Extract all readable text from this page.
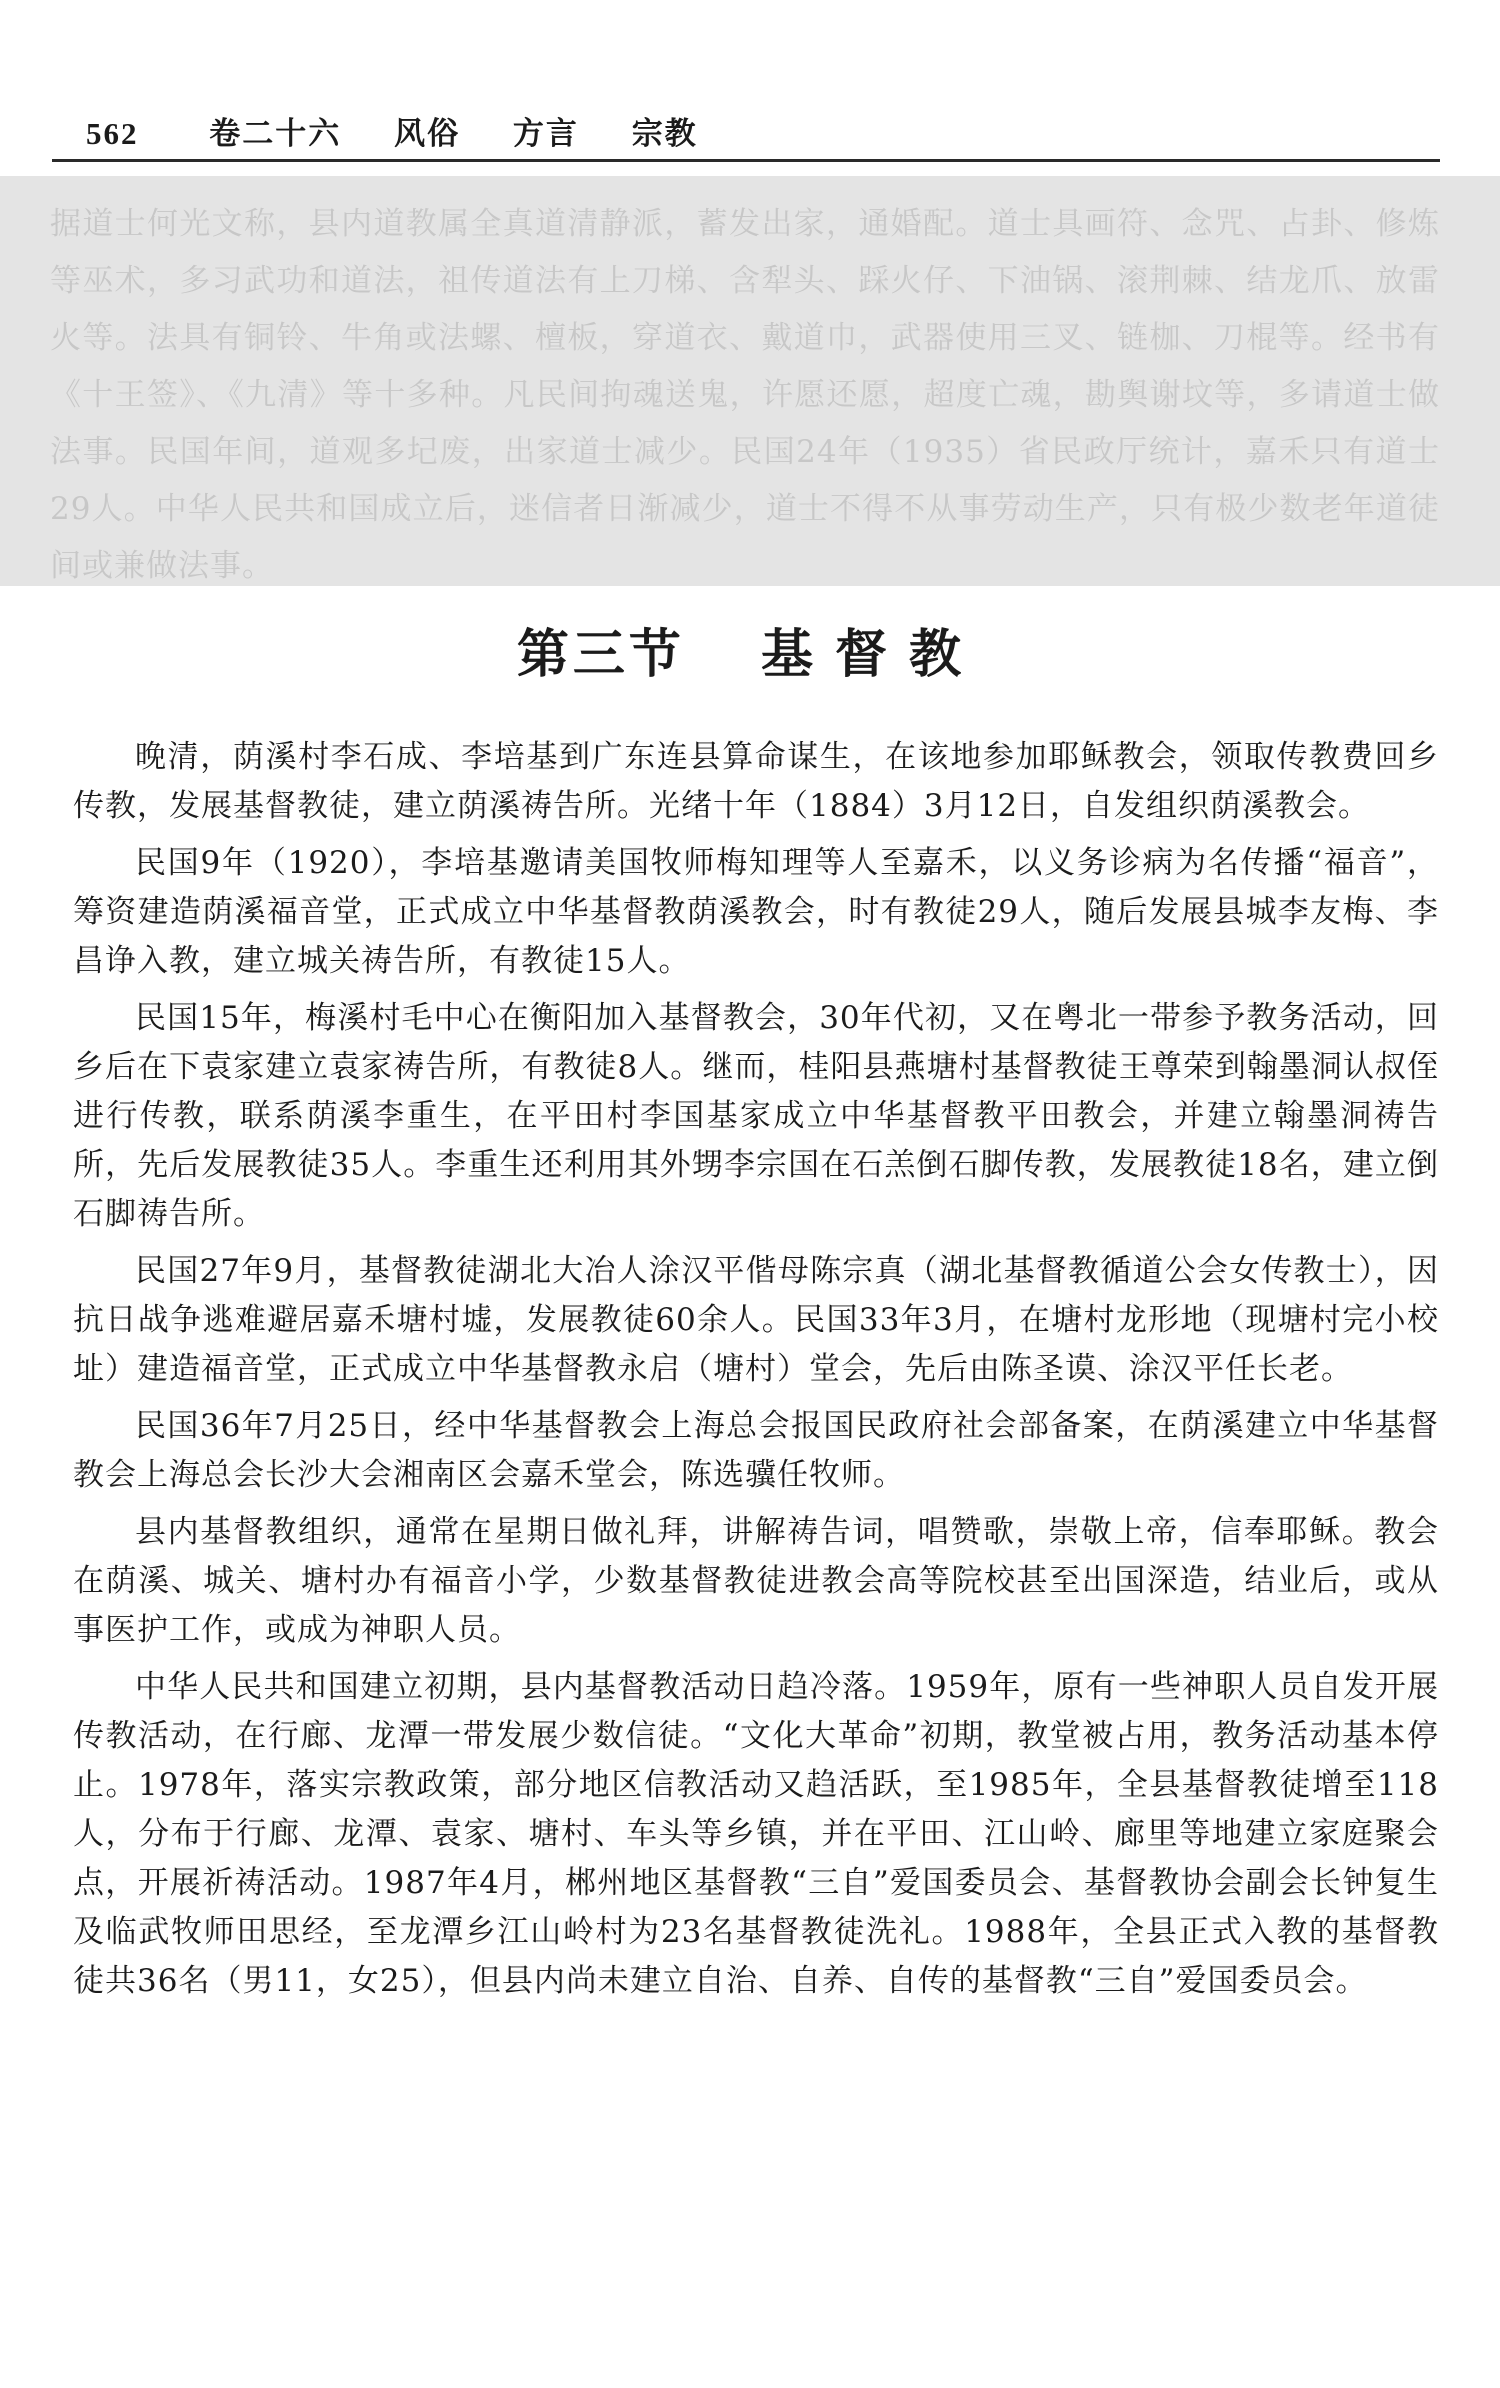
562 卷二十六 风俗 方言 宗教
据道士何光文称，县内道教属全真道清静派，蓄发出家，通婚配。道士具画符、念咒、占卦、修炼等巫术，多习武功和道法，祖传道法有上刀梯、含犁头、踩火仔、下油锅、滚荆棘、结龙爪、放雷火等。法具有铜铃、牛角或法螺、檀板，穿道衣、戴道巾，武器使用三叉、链枷、刀棍等。经书有《十王签》、《九清》等十多种。凡民间拘魂送鬼，许愿还愿，超度亡魂，勘舆谢坟等，多请道士做法事。民国年间，道观多圮废，出家道士减少。民国24年（1935）省民政厅统计，嘉禾只有道士29人。中华人民共和国成立后，迷信者日渐减少，道士不得不从事劳动生产，只有极少数老年道徒间或兼做法事。
第三节 基督教

晚清，荫溪村李石成、李培基到广东连县算命谋生，在该地参加耶稣教会，领取传教费回乡传教，发展基督教徒，建立荫溪祷告所。光绪十年（1884）3月12日，自发组织荫溪教会。

民国9年（1920），李培基邀请美国牧师梅知理等人至嘉禾，以义务诊病为名传播“福音”，筹资建造荫溪福音堂，正式成立中华基督教荫溪教会，时有教徒29人，随后发展县城李友梅、李昌诤入教，建立城关祷告所，有教徒15人。

民国15年，梅溪村毛中心在衡阳加入基督教会，30年代初，又在粤北一带参予教务活动，回乡后在下袁家建立袁家祷告所，有教徒8人。继而，桂阳县燕塘村基督教徒王尊荣到翰墨洞认叔侄进行传教，联系荫溪李重生，在平田村李国基家成立中华基督教平田教会，并建立翰墨洞祷告所，先后发展教徒35人。李重生还利用其外甥李宗国在石羔倒石脚传教，发展教徒18名，建立倒石脚祷告所。

民国27年9月，基督教徒湖北大冶人涂汉平偕母陈宗真（湖北基督教循道公会女传教士），因抗日战争逃难避居嘉禾塘村墟，发展教徒60余人。民国33年3月，在塘村龙形地（现塘村完小校址）建造福音堂，正式成立中华基督教永启（塘村）堂会，先后由陈圣谟、涂汉平任长老。

民国36年7月25日，经中华基督教会上海总会报国民政府社会部备案，在荫溪建立中华基督教会上海总会长沙大会湘南区会嘉禾堂会，陈选骥任牧师。

县内基督教组织，通常在星期日做礼拜，讲解祷告词，唱赞歌，崇敬上帝，信奉耶稣。教会在荫溪、城关、塘村办有福音小学，少数基督教徒进教会高等院校甚至出国深造，结业后，或从事医护工作，或成为神职人员。

中华人民共和国建立初期，县内基督教活动日趋冷落。1959年，原有一些神职人员自发开展传教活动，在行廊、龙潭一带发展少数信徒。“文化大革命”初期，教堂被占用，教务活动基本停止。1978年，落实宗教政策，部分地区信教活动又趋活跃，至1985年，全县基督教徒增至118人，分布于行廊、龙潭、袁家、塘村、车头等乡镇，并在平田、江山岭、廊里等地建立家庭聚会点，开展祈祷活动。1987年4月，郴州地区基督教“三自”爱国委员会、基督教协会副会长钟复生及临武牧师田思经，至龙潭乡江山岭村为23名基督教徒洗礼。1988年，全县正式入教的基督教徒共36名（男11，女25），但县内尚未建立自治、自养、自传的基督教“三自”爱国委员会。
